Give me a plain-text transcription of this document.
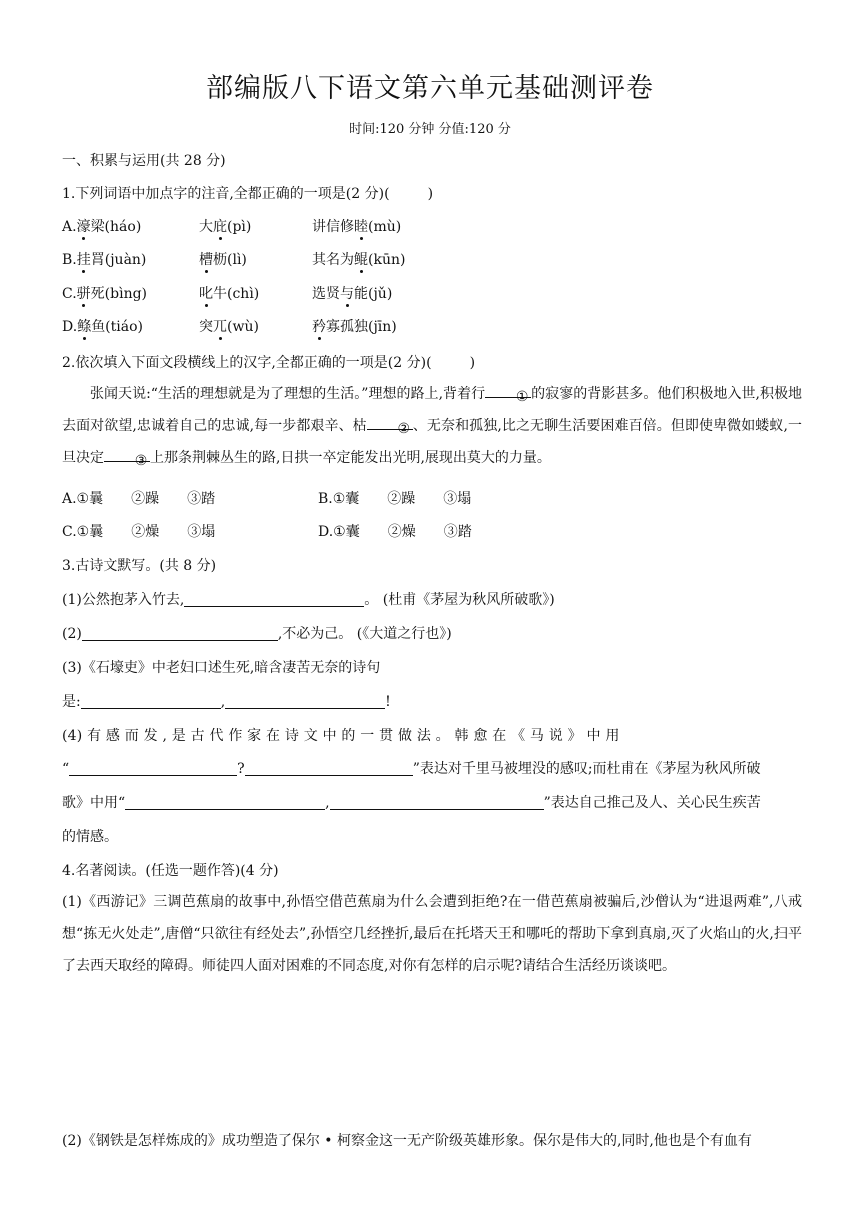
部编版八下语文第六单元基础测评卷
时间:120 分钟 分值:120 分
一、积累与运用(共 28 分)
1.下列词语中加点字的注音,全都正确的一项是(2 分)(	)
A.濠梁(háo)	大庇(pì)	讲信修睦(mù)
B.挂罥(juàn)	槽枥(lì)	其名为鲲(kūn)
C.骈死(bìng)	叱牛(chì)	选贤与能(jǔ)
D.鲦鱼(tiáo)	突兀(wù)	矜寡孤独(jīn)
2.依次填入下面文段横线上的汉字,全都正确的一项是(2 分)(	)
张闻天说:“生活的理想就是为了理想的生活。”理想的路上,背着行 ① 的寂寥的背影甚多。他们积极地入世,积极地去面对欲望,忠诚着自己的忠诚,每一步都艰辛、枯 ② 、无奈和孤独,比之无聊生活要困难百倍。但即使卑微如蝼蚁,一旦决定 ③ 上那条荆棘丛生的路,日拱一卒定能发出光明,展现出莫大的力量。
A.①曩　　②躁　　③踏	B.①囊　　②躁　　③塌
C.①曩　　②燥　　③塌	D.①囊　　②燥　　③踏
3.古诗文默写。(共 8 分)
(1)公然抱茅入竹去,	。 (杜甫《茅屋为秋风所破歌》)
(2)	,不必为己。 (《大道之行也》)
(3)《石壕吏》中老妇口述生死,暗含凄苦无奈的诗句
是:	,	!
(4) 有 感 而 发 , 是 古 代 作 家 在 诗 文 中 的 一 贯 做 法 。 韩 愈 在 《 马 说 》 中 用
“	?	”表达对千里马被埋没的感叹;而杜甫在《茅屋为秋风所破
歌》中用“	,	”表达自己推己及人、关心民生疾苦
的情感。
4.名著阅读。(任选一题作答)(4 分)
(1)《西游记》三调芭蕉扇的故事中,孙悟空借芭蕉扇为什么会遭到拒绝?在一借芭蕉扇被骗后,沙僧认为“进退两难”,八戒想“拣无火处走”,唐僧“只欲往有经处去”,孙悟空几经挫折,最后在托塔天王和哪吒的帮助下拿到真扇,灭了火焰山的火,扫平了去西天取经的障碍。师徒四人面对困难的不同态度,对你有怎样的启示呢?请结合生活经历谈谈吧。
(2)《钢铁是怎样炼成的》成功塑造了保尔 • 柯察金这一无产阶级英雄形象。保尔是伟大的,同时,他也是个有血有
